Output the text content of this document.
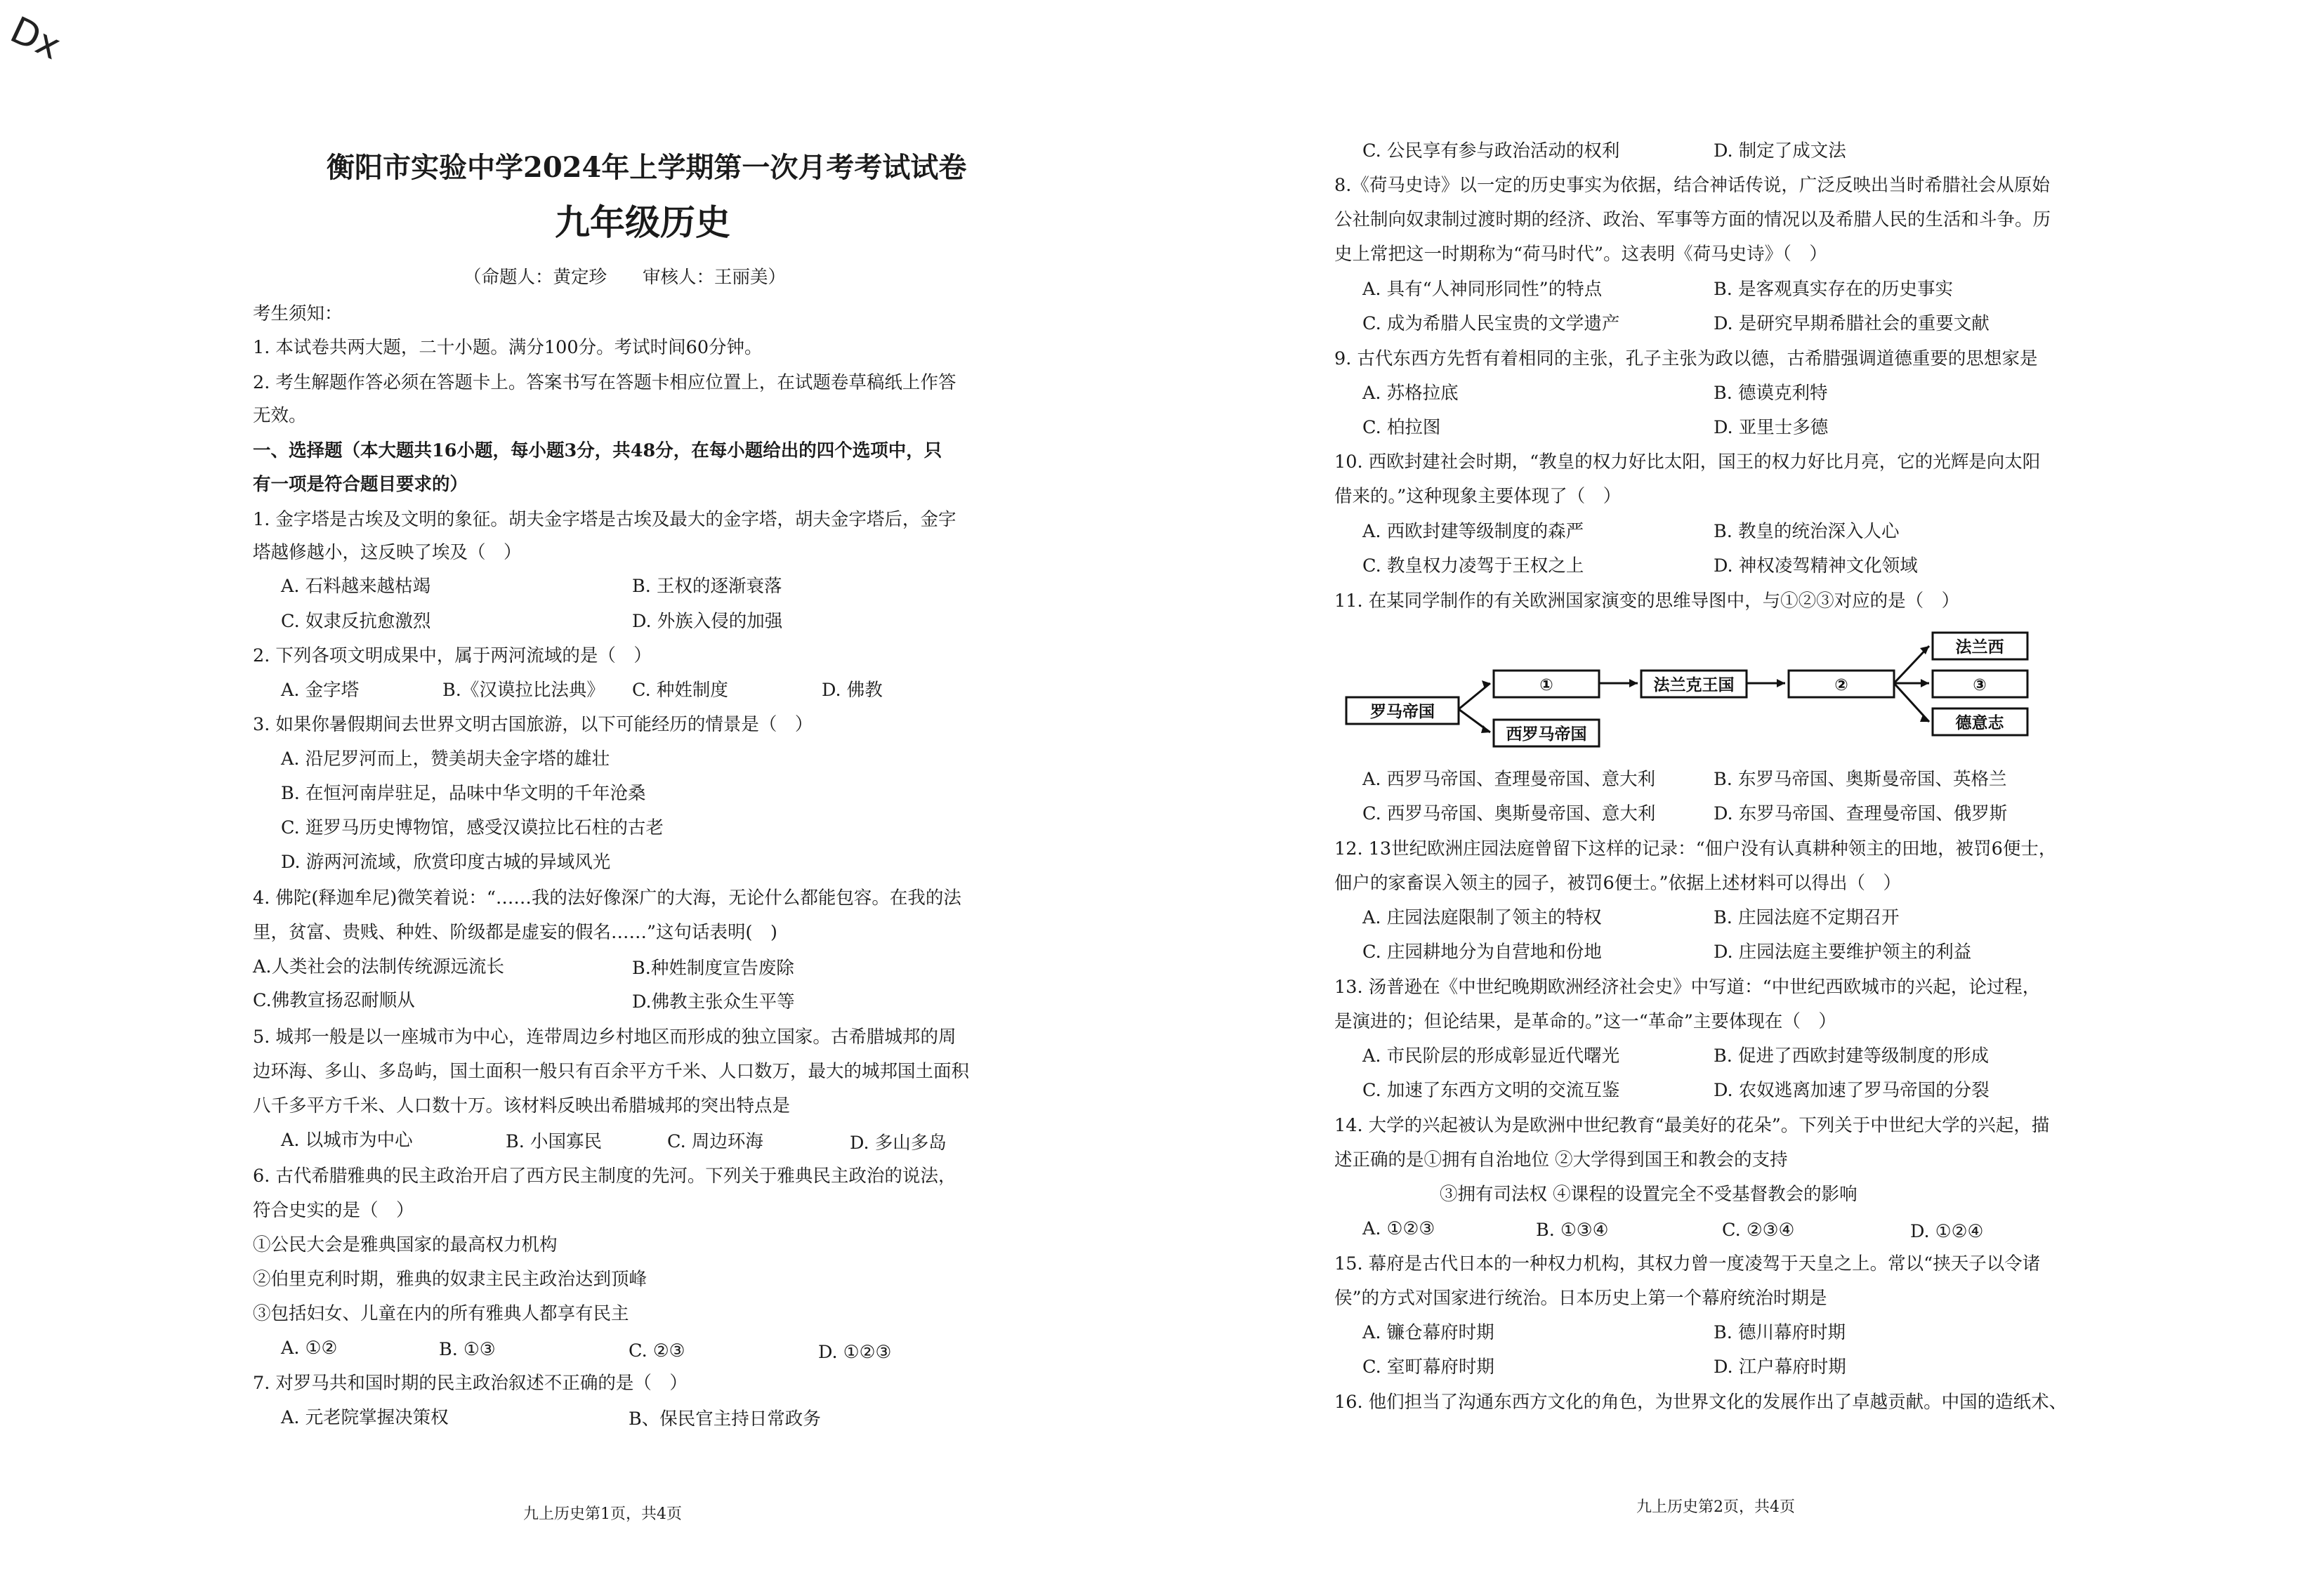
Dx
衡阳市实验中学2024年上学期第一次月考考试试卷
九年级历史
（命题人：黄定珍　　审核人：王丽美）
考生须知：
1. 本试卷共两大题，二十小题。满分100分。考试时间60分钟。
2. 考生解题作答必须在答题卡上。答案书写在答题卡相应位置上，在试题卷草稿纸上作答
无效。
一、选择题（本大题共16小题，每小题3分，共48分，在每小题给出的四个选项中，只
有一项是符合题目要求的）
1. 金字塔是古埃及文明的象征。胡夫金字塔是古埃及最大的金字塔，胡夫金字塔后，金字
塔越修越小，这反映了埃及（　）
A. 石料越来越枯竭	B. 王权的逐渐衰落
C. 奴隶反抗愈激烈	D. 外族入侵的加强
2. 下列各项文明成果中，属于两河流域的是（　）
A. 金字塔	B.《汉谟拉比法典》 C. 种姓制度	D. 佛教
3. 如果你暑假期间去世界文明古国旅游，以下可能经历的情景是（　）
A. 沿尼罗河而上，赞美胡夫金字塔的雄壮
B. 在恒河南岸驻足，品味中华文明的千年沧桑
C. 逛罗马历史博物馆，感受汉谟拉比石柱的古老
D. 游两河流域，欣赏印度古城的异域风光
4. 佛陀(释迦牟尼)微笑着说：“……我的法好像深广的大海，无论什么都能包容。在我的法
里，贫富、贵贱、种姓、阶级都是虚妄的假名……”这句话表明(　)
A.人类社会的法制传统源远流长	B.种姓制度宣告废除
C.佛教宣扬忍耐顺从	D.佛教主张众生平等
5. 城邦一般是以一座城市为中心，连带周边乡村地区而形成的独立国家。古希腊城邦的周
边环海、多山、多岛屿，国土面积一般只有百余平方千米、人口数万，最大的城邦国土面积
八千多平方千米、人口数十万。该材料反映出希腊城邦的突出特点是
A. 以城市为中心	B. 小国寡民	C. 周边环海	D. 多山多岛
6. 古代希腊雅典的民主政治开启了西方民主制度的先河。下列关于雅典民主政治的说法，
符合史实的是（　）
①公民大会是雅典国家的最高权力机构
②伯里克利时期，雅典的奴隶主民主政治达到顶峰
③包括妇女、儿童在内的所有雅典人都享有民主
A. ①②	B. ①③	C. ②③	D. ①②③
7. 对罗马共和国时期的民主政治叙述不正确的是（　）
A. 元老院掌握决策权	B、保民官主持日常政务
九上历史第1页，共4页
C. 公民享有参与政治活动的权利	D. 制定了成文法
8.《荷马史诗》以一定的历史事实为依据，结合神话传说，广泛反映出当时希腊社会从原始
公社制向奴隶制过渡时期的经济、政治、军事等方面的情况以及希腊人民的生活和斗争。历
史上常把这一时期称为“荷马时代”。这表明《荷马史诗》（　）
A. 具有“人神同形同性”的特点	B. 是客观真实存在的历史事实
C. 成为希腊人民宝贵的文学遗产	D. 是研究早期希腊社会的重要文献
9. 古代东西方先哲有着相同的主张，孔子主张为政以德，古希腊强调道德重要的思想家是
A. 苏格拉底	B. 德谟克利特
C. 柏拉图	D. 亚里士多德
10. 西欧封建社会时期，“教皇的权力好比太阳，国王的权力好比月亮，它的光辉是向太阳
借来的。”这种现象主要体现了（　）
A. 西欧封建等级制度的森严	B. 教皇的统治深入人心
C. 教皇权力凌驾于王权之上	D. 神权凌驾精神文化领域
11. 在某同学制作的有关欧洲国家演变的思维导图中，与①②③对应的是（　）
A. 西罗马帝国、查理曼帝国、意大利	B. 东罗马帝国、奥斯曼帝国、英格兰
C. 西罗马帝国、奥斯曼帝国、意大利	D. 东罗马帝国、查理曼帝国、俄罗斯
12. 13世纪欧洲庄园法庭曾留下这样的记录：“佃户没有认真耕种领主的田地，被罚6便士，
佃户的家畜误入领主的园子，被罚6便士。”依据上述材料可以得出（　）
A. 庄园法庭限制了领主的特权	B. 庄园法庭不定期召开
C. 庄园耕地分为自营地和份地	D. 庄园法庭主要维护领主的利益
13. 汤普逊在《中世纪晚期欧洲经济社会史》中写道：“中世纪西欧城市的兴起，论过程，
是演进的；但论结果，是革命的。”这一“革命”主要体现在（　）
A. 市民阶层的形成彰显近代曙光	B. 促进了西欧封建等级制度的形成
C. 加速了东西方文明的交流互鉴	D. 农奴逃离加速了罗马帝国的分裂
14. 大学的兴起被认为是欧洲中世纪教育“最美好的花朵”。下列关于中世纪大学的兴起，描
述正确的是①拥有自治地位 ②大学得到国王和教会的支持
③拥有司法权 ④课程的设置完全不受基督教会的影响
A. ①②③	B. ①③④	C. ②③④	D. ①②④
15. 幕府是古代日本的一种权力机构，其权力曾一度凌驾于天皇之上。常以“挟天子以令诸
侯”的方式对国家进行统治。日本历史上第一个幕府统治时期是
A. 镰仓幕府时期	B. 德川幕府时期
C. 室町幕府时期	D. 江户幕府时期
16. 他们担当了沟通东西方文化的角色，为世界文化的发展作出了卓越贡献。中国的造纸术、
九上历史第2页，共4页
罗马帝国
①
西罗马帝国
法兰克王国	②
法兰西
③
德意志
